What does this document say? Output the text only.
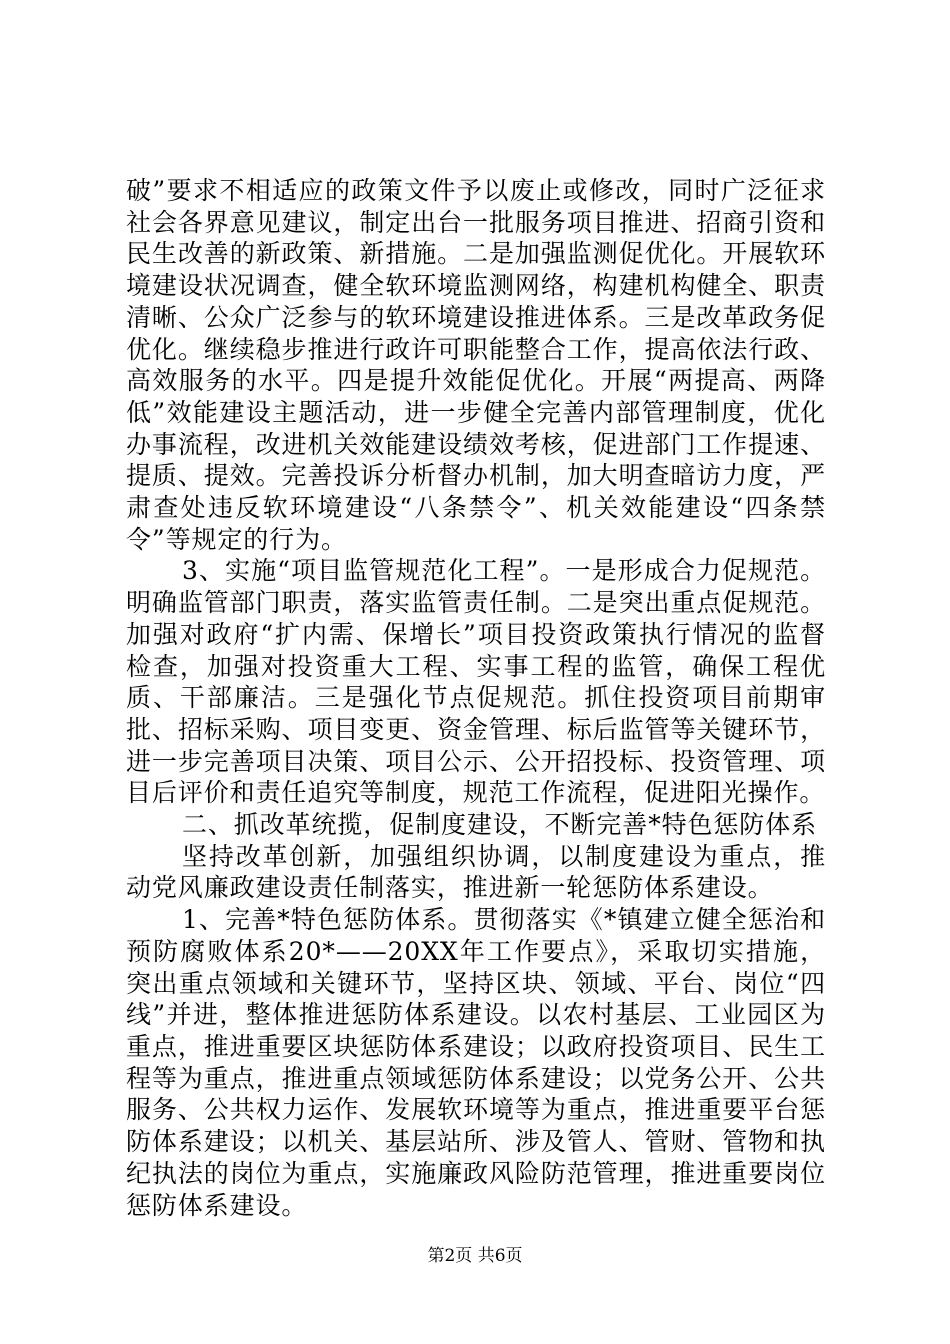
破”要求不相适应的政策文件予以废止或修改，同时广泛征求社会各界意见建议，制定出台一批服务项目推进、招商引资和民生改善的新政策、新措施。二是加强监测促优化。开展软环境建设状况调查，健全软环境监测网络，构建机构健全、职责清晰、公众广泛参与的软环境建设推进体系。三是改革政务促优化。继续稳步推进行政许可职能整合工作，提高依法行政、高效服务的水平。四是提升效能促优化。开展“两提高、两降低”效能建设主题活动，进一步健全完善内部管理制度，优化办事流程，改进机关效能建设绩效考核，促进部门工作提速、提质、提效。完善投诉分析督办机制，加大明查暗访力度，严肃查处违反软环境建设“八条禁令”、机关效能建设“四条禁令”等规定的行为。

3、实施“项目监管规范化工程”。一是形成合力促规范。明确监管部门职责，落实监管责任制。二是突出重点促规范。加强对政府“扩内需、保增长”项目投资政策执行情况的监督检查，加强对投资重大工程、实事工程的监管，确保工程优质、干部廉洁。三是强化节点促规范。抓住投资项目前期审批、招标采购、项目变更、资金管理、标后监管等关键环节，进一步完善项目决策、项目公示、公开招投标、投资管理、项目后评价和责任追究等制度，规范工作流程，促进阳光操作。

二、抓改革统揽，促制度建设，不断完善*特色惩防体系

坚持改革创新，加强组织协调，以制度建设为重点，推动党风廉政建设责任制落实，推进新一轮惩防体系建设。

1、完善*特色惩防体系。贯彻落实《*镇建立健全惩治和预防腐败体系20*——20XX年工作要点》，采取切实措施，突出重点领域和关键环节，坚持区块、领域、平台、岗位“四线”并进，整体推进惩防体系建设。以农村基层、工业园区为重点，推进重要区块惩防体系建设；以政府投资项目、民生工程等为重点，推进重点领域惩防体系建设；以党务公开、公共服务、公共权力运作、发展软环境等为重点，推进重要平台惩防体系建设；以机关、基层站所、涉及管人、管财、管物和执纪执法的岗位为重点，实施廉政风险防范管理，推进重要岗位惩防体系建设。

第2页 共6页
